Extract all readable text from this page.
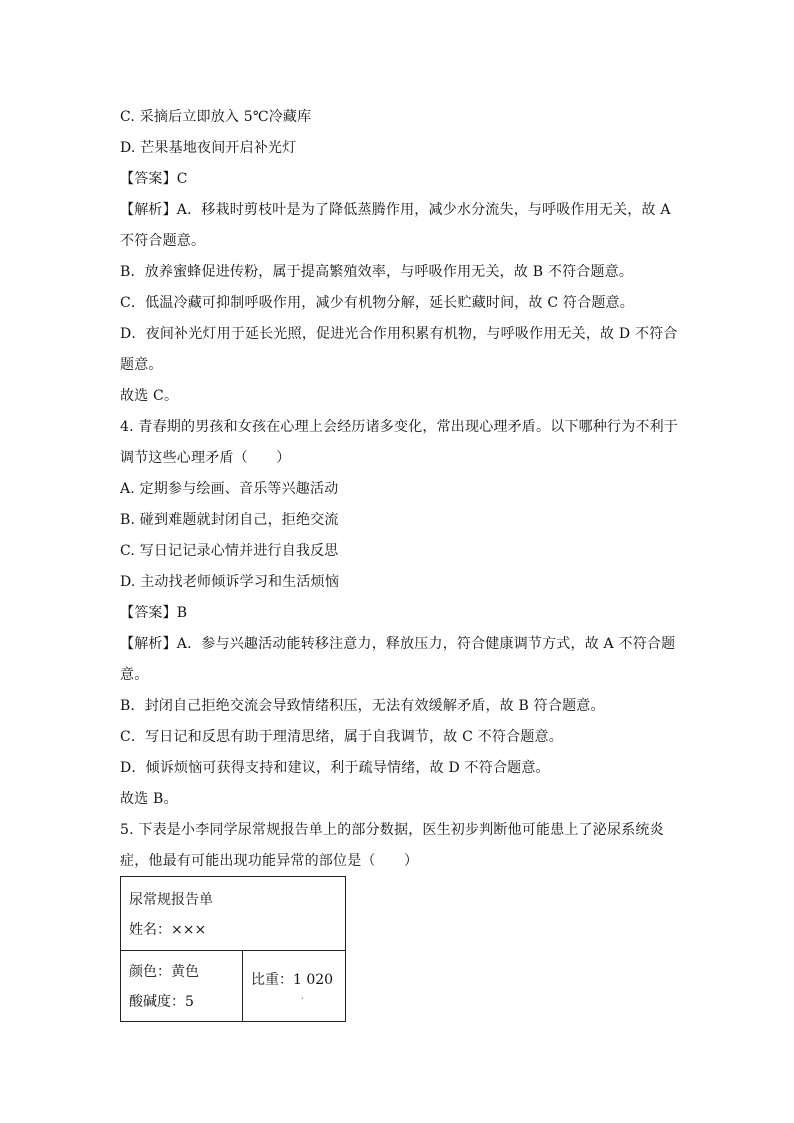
C. 采摘后立即放入 5℃冷藏库
D. 芒果基地夜间开启补光灯
【答案】C
【解析】A．移栽时剪枝叶是为了降低蒸腾作用，减少水分流失，与呼吸作用无关，故 A
不符合题意。
B．放养蜜蜂促进传粉，属于提高繁殖效率，与呼吸作用无关，故 B 不符合题意。
C．低温冷藏可抑制呼吸作用，减少有机物分解，延长贮藏时间，故 C 符合题意。
D．夜间补光灯用于延长光照，促进光合作用积累有机物，与呼吸作用无关，故 D 不符合
题意。
故选 C。
4. 青春期的男孩和女孩在心理上会经历诸多变化，常出现心理矛盾。以下哪种行为不利于
调节这些心理矛盾（　　）
A. 定期参与绘画、音乐等兴趣活动
B. 碰到难题就封闭自己，拒绝交流
C. 写日记记录心情并进行自我反思
D. 主动找老师倾诉学习和生活烦恼
【答案】B
【解析】A．参与兴趣活动能转移注意力，释放压力，符合健康调节方式，故 A 不符合题
意。
B．封闭自己拒绝交流会导致情绪积压，无法有效缓解矛盾，故 B 符合题意。
C．写日记和反思有助于理清思绪，属于自我调节，故 C 不符合题意。
D．倾诉烦恼可获得支持和建议，利于疏导情绪，故 D 不符合题意。
故选 B。
5. 下表是小李同学尿常规报告单上的部分数据，医生初步判断他可能患上了泌尿系统炎
症，他最有可能出现功能异常的部位是（　　）
尿常规报告单
姓名：×××
颜色：黄色
酸碱度：5
比重：1 020
·
